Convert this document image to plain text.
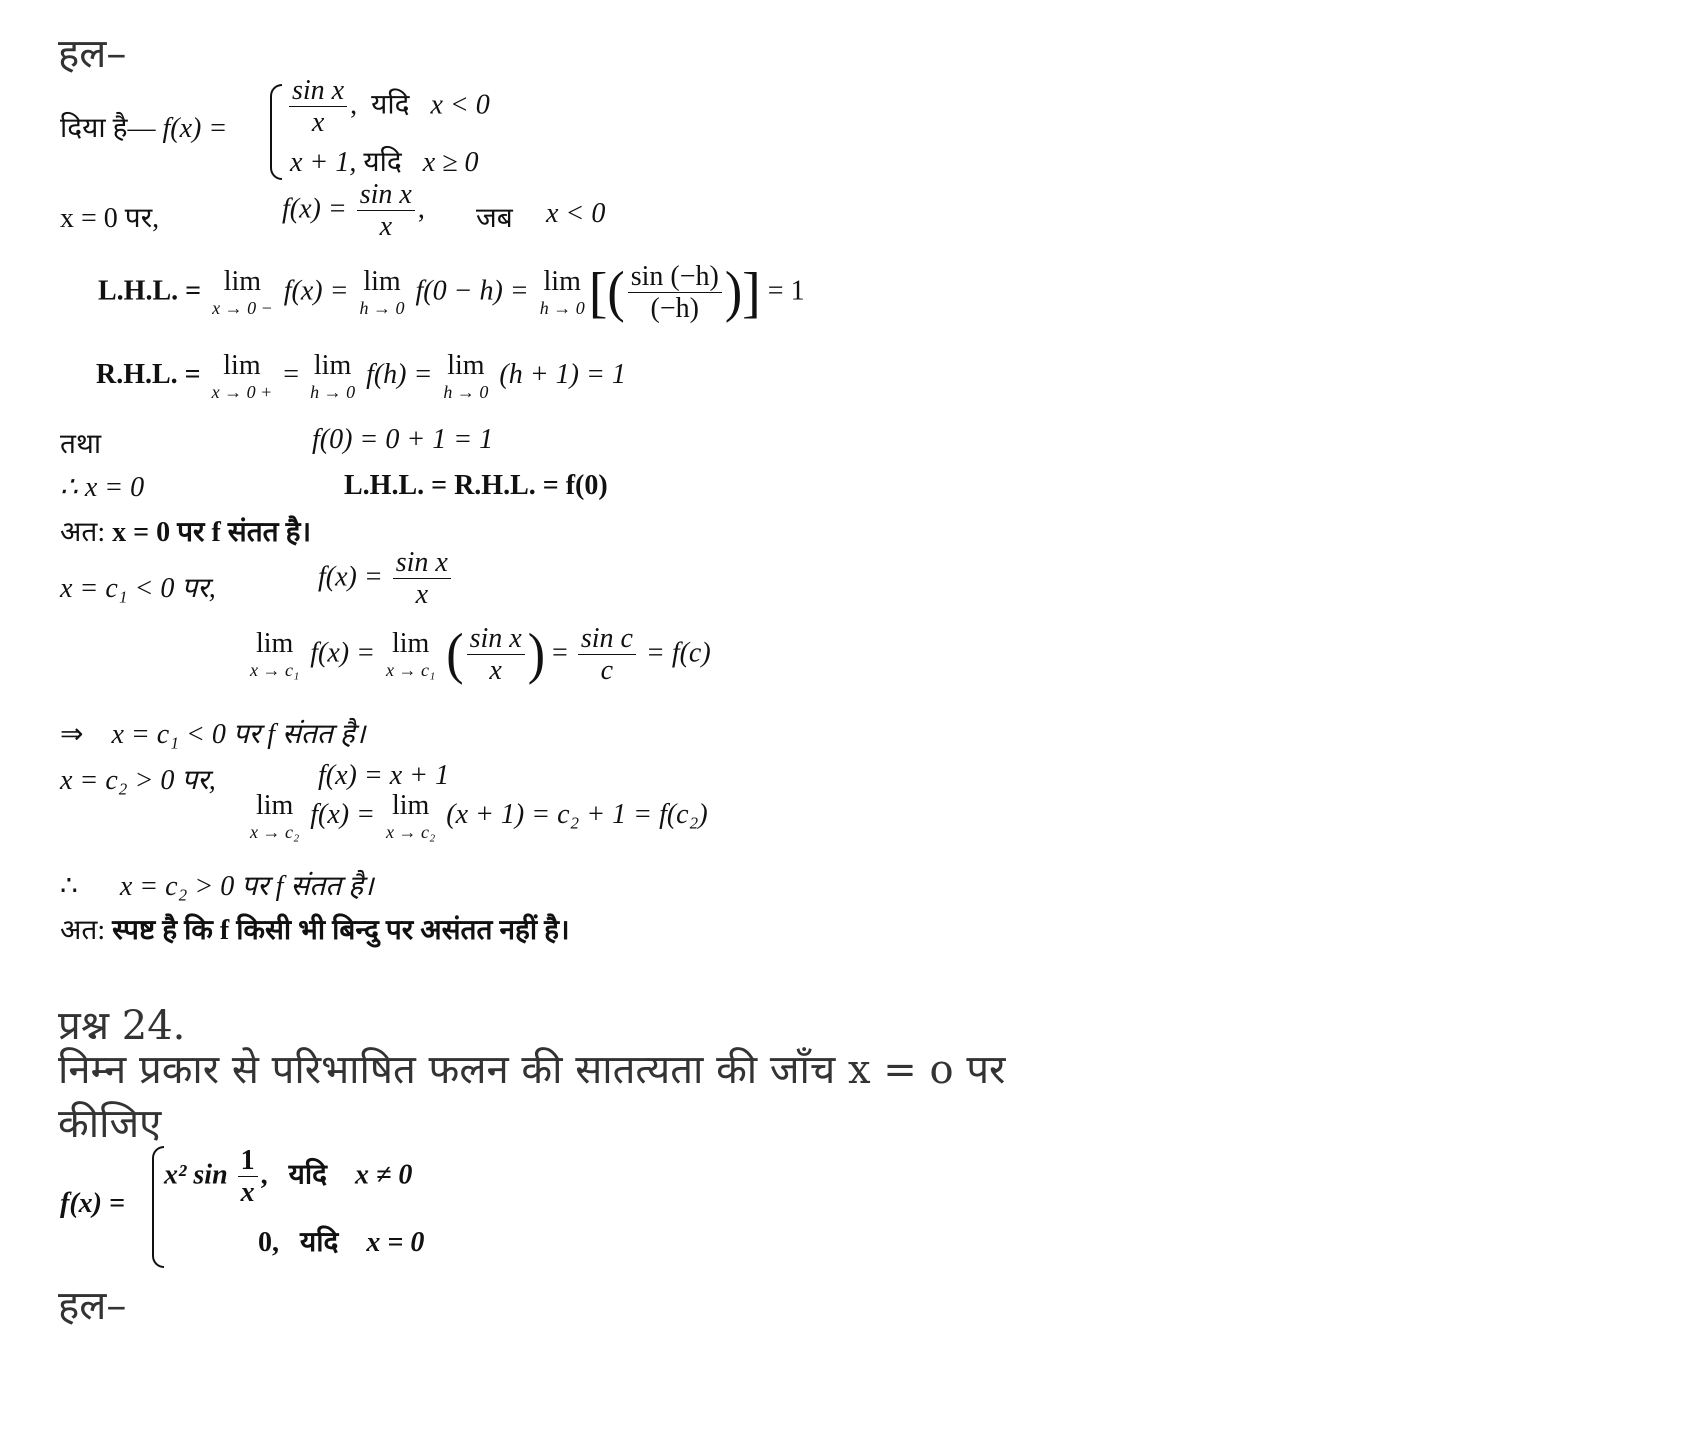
हल–
दिया है— $f(x) = \frac{\text{sin x}}{x}$ ,  यदि x < 0
x + 1, यदि x ≥ 0
x = 0 पर,	$f(x) = \frac{\text{sin x}}{x}$ , जब x < 0
L.H.L. = lim
x → 0 −
f(x) = lim
h → 0
f(0 − h) = lim
h → 0 [( $\frac{\sin (-h)}{(-h)}$ )] = 1
R.H.L. = lim
x → 0 +
= lim
h → 0
f(h) = lim
h → 0
(h + 1) = 1
तथा	f(0) = 0 + 1 = 1
∴ x = 0	L.H.L. = R.H.L. = f(0)
अत: x = 0 पर f संतत है।
x = c₁ < 0 पर,	$f(x) = \frac{\text{sin x}}{x}$
lim
x → c₁
f(x) = lim
x → c₁ ( $\frac{\text{sin x}}{x}$ ) = $\frac{\text{sin c}}{c} = f(c)$
⇒ x = c₁ < 0 पर f संतत है।
x = c₂ > 0 पर,	f(x) = x + 1
lim
x → c₂
f(x) = lim
x → c₂
(x + 1) = c₂ + 1 = f(c₂)
∴ x = c₂ > 0 पर f संतत है।
अत: स्पष्ट है कि f किसी भी बिन्दु पर असंतत नहीं है।
प्रश्न 24.
निम्न प्रकार से परिभाषित फलन की सातत्यता की जाँच x = o पर
कीजिए
f(x) =
x² $\sin \frac{1}{x}$ ,   यदि x ≠ 0
0, यदि x = 0
हल–
